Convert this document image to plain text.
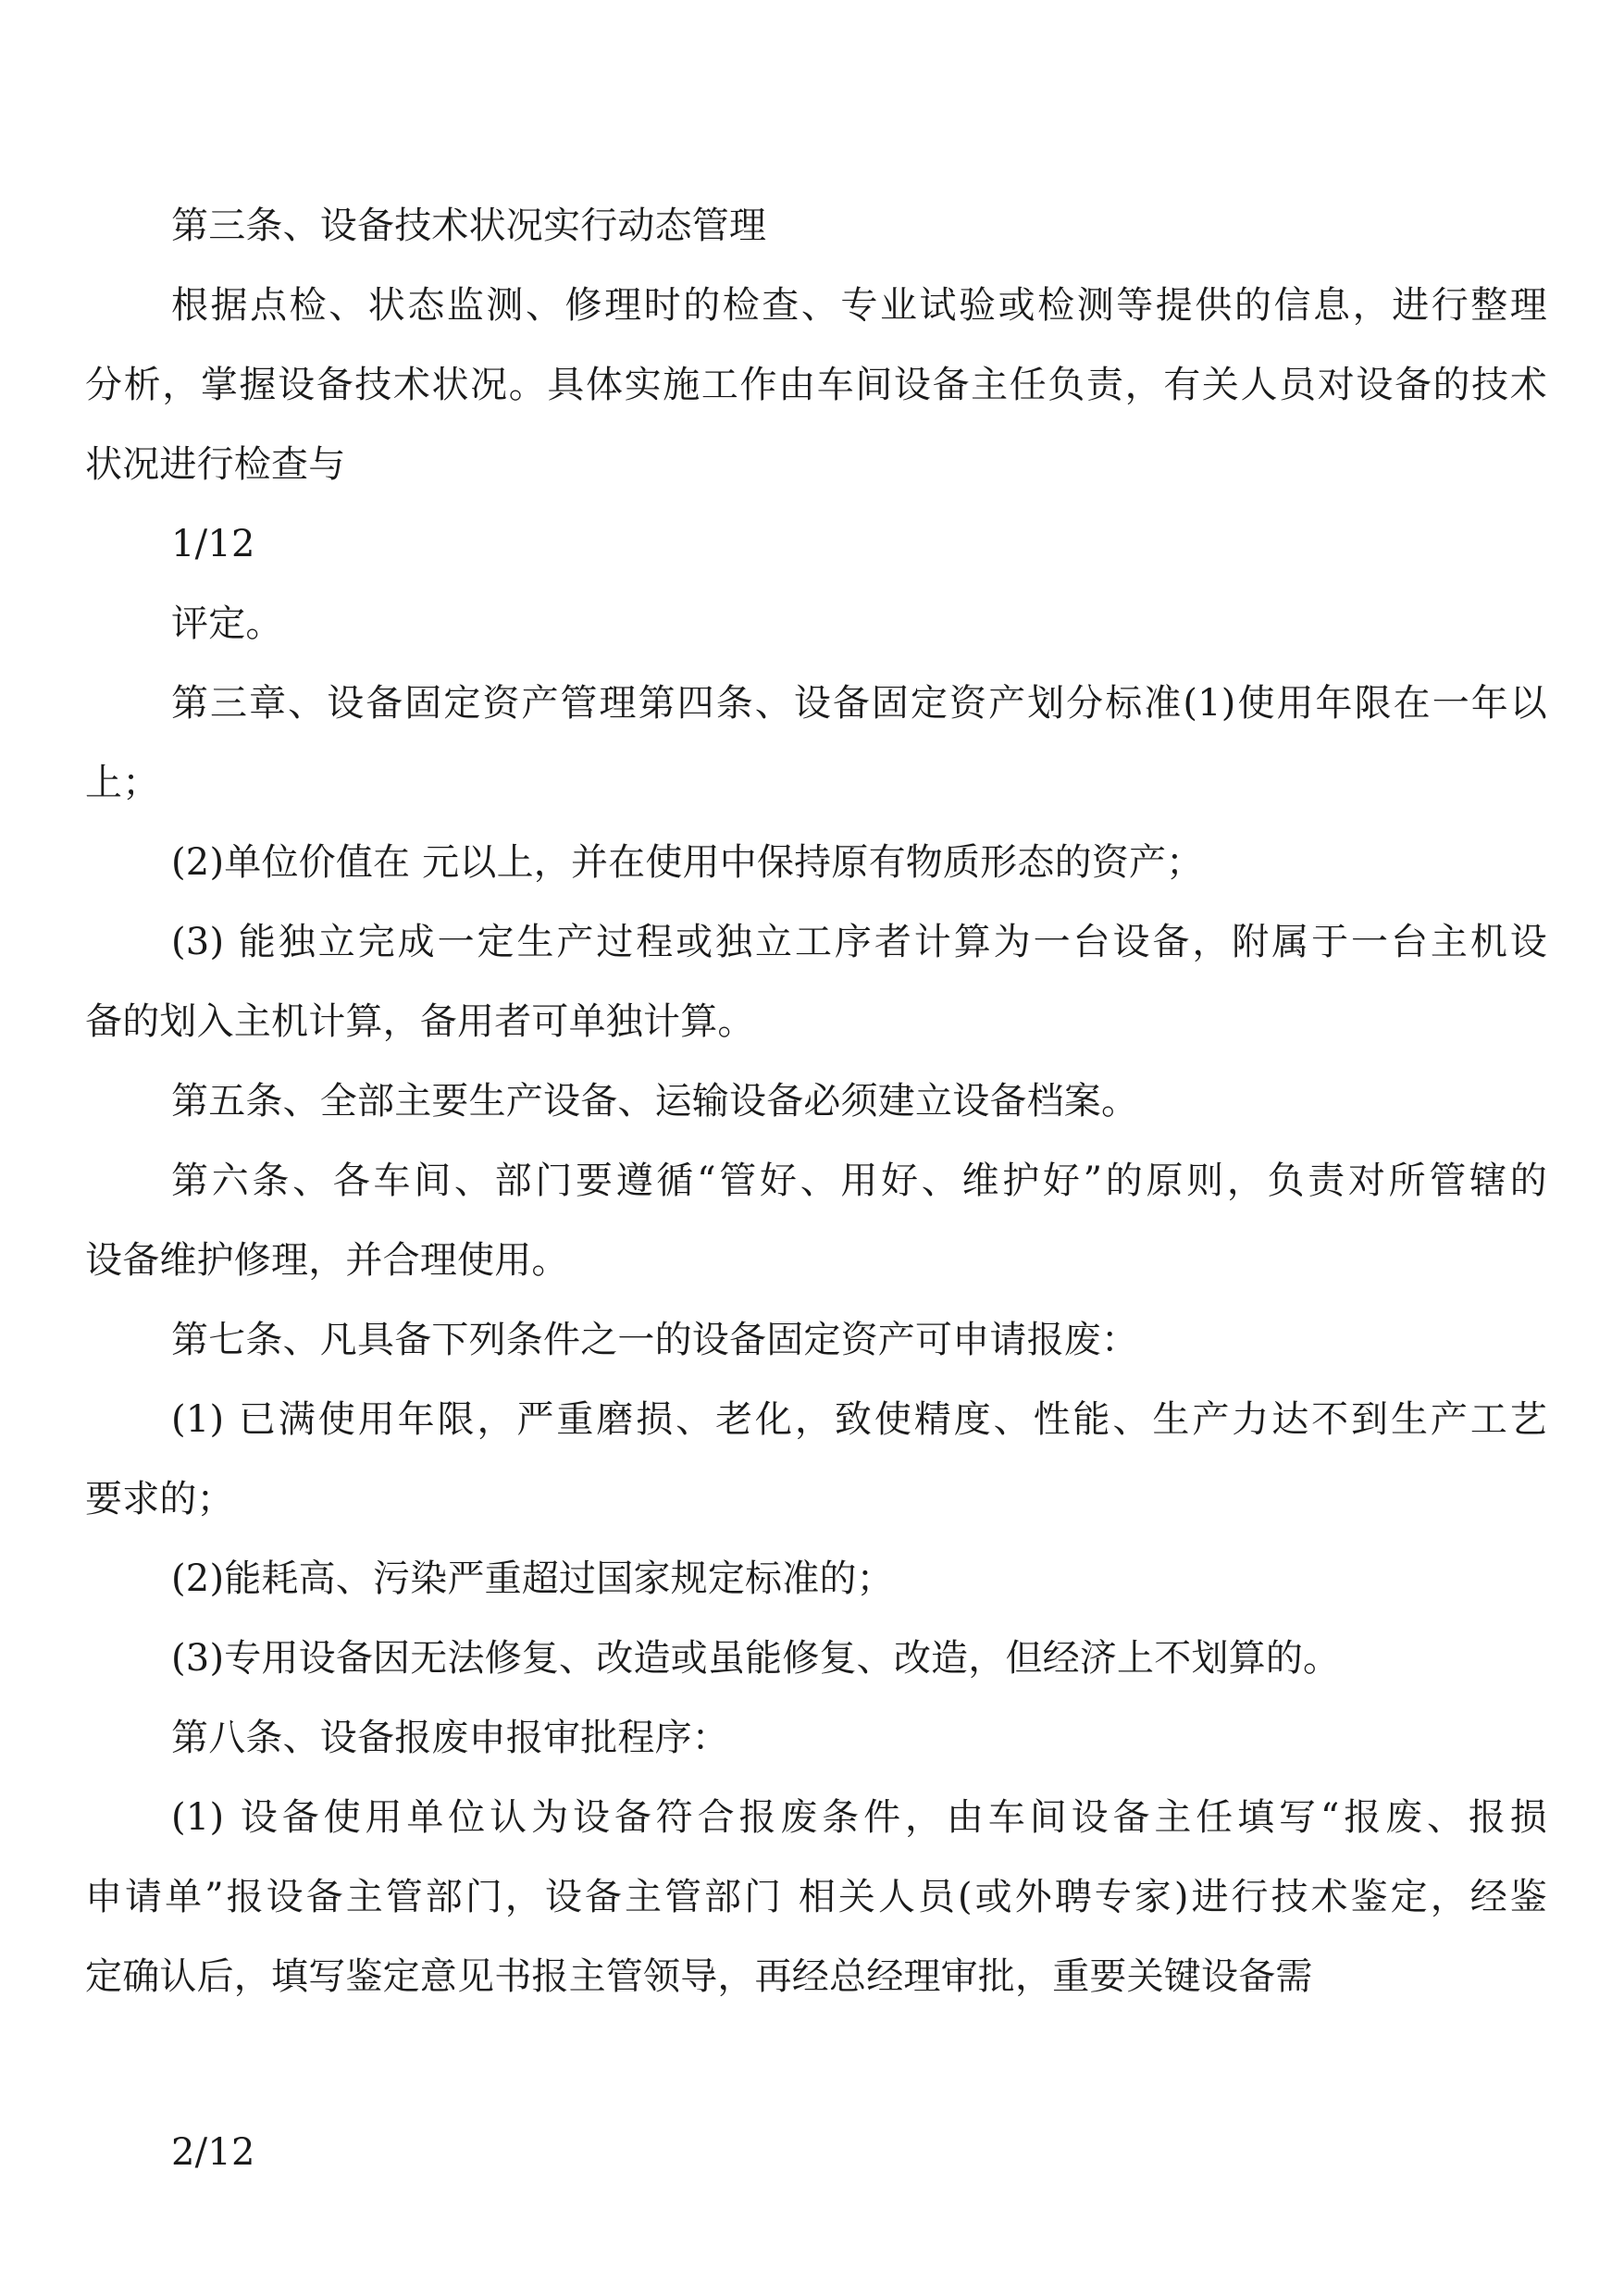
第三条、设备技术状况实行动态管理
根据点检、状态监测、修理时的检查、专业试验或检测等提供的信息，进行整理
分析，掌握设备技术状况。具体实施工作由车间设备主任负责，有关人员对设备的技术
状况进行检查与
1/12
评定。
第三章、设备固定资产管理第四条、设备固定资产划分标准(1)使用年限在一年以
上；
(2)单位价值在 元以上，并在使用中保持原有物质形态的资产；
(3) 能独立完成一定生产过程或独立工序者计算为一台设备，附属于一台主机设
备的划入主机计算，备用者可单独计算。
第五条、全部主要生产设备、运输设备必须建立设备档案。
第六条、各车间、部门要遵循“管好、用好、维护好”的原则，负责对所管辖的
设备维护修理，并合理使用。
第七条、凡具备下列条件之一的设备固定资产可申请报废：
(1) 已满使用年限，严重磨损、老化，致使精度、性能、生产力达不到生产工艺
要求的；
(2)能耗高、污染严重超过国家规定标准的；
(3)专用设备因无法修复、改造或虽能修复、改造，但经济上不划算的。
第八条、设备报废申报审批程序：
(1) 设备使用单位认为设备符合报废条件，由车间设备主任填写“报废、报损
申请单”报设备主管部门，设备主管部门 相关人员(或外聘专家)进行技术鉴定，经鉴
定确认后，填写鉴定意见书报主管领导，再经总经理审批，重要关键设备需
2/12
